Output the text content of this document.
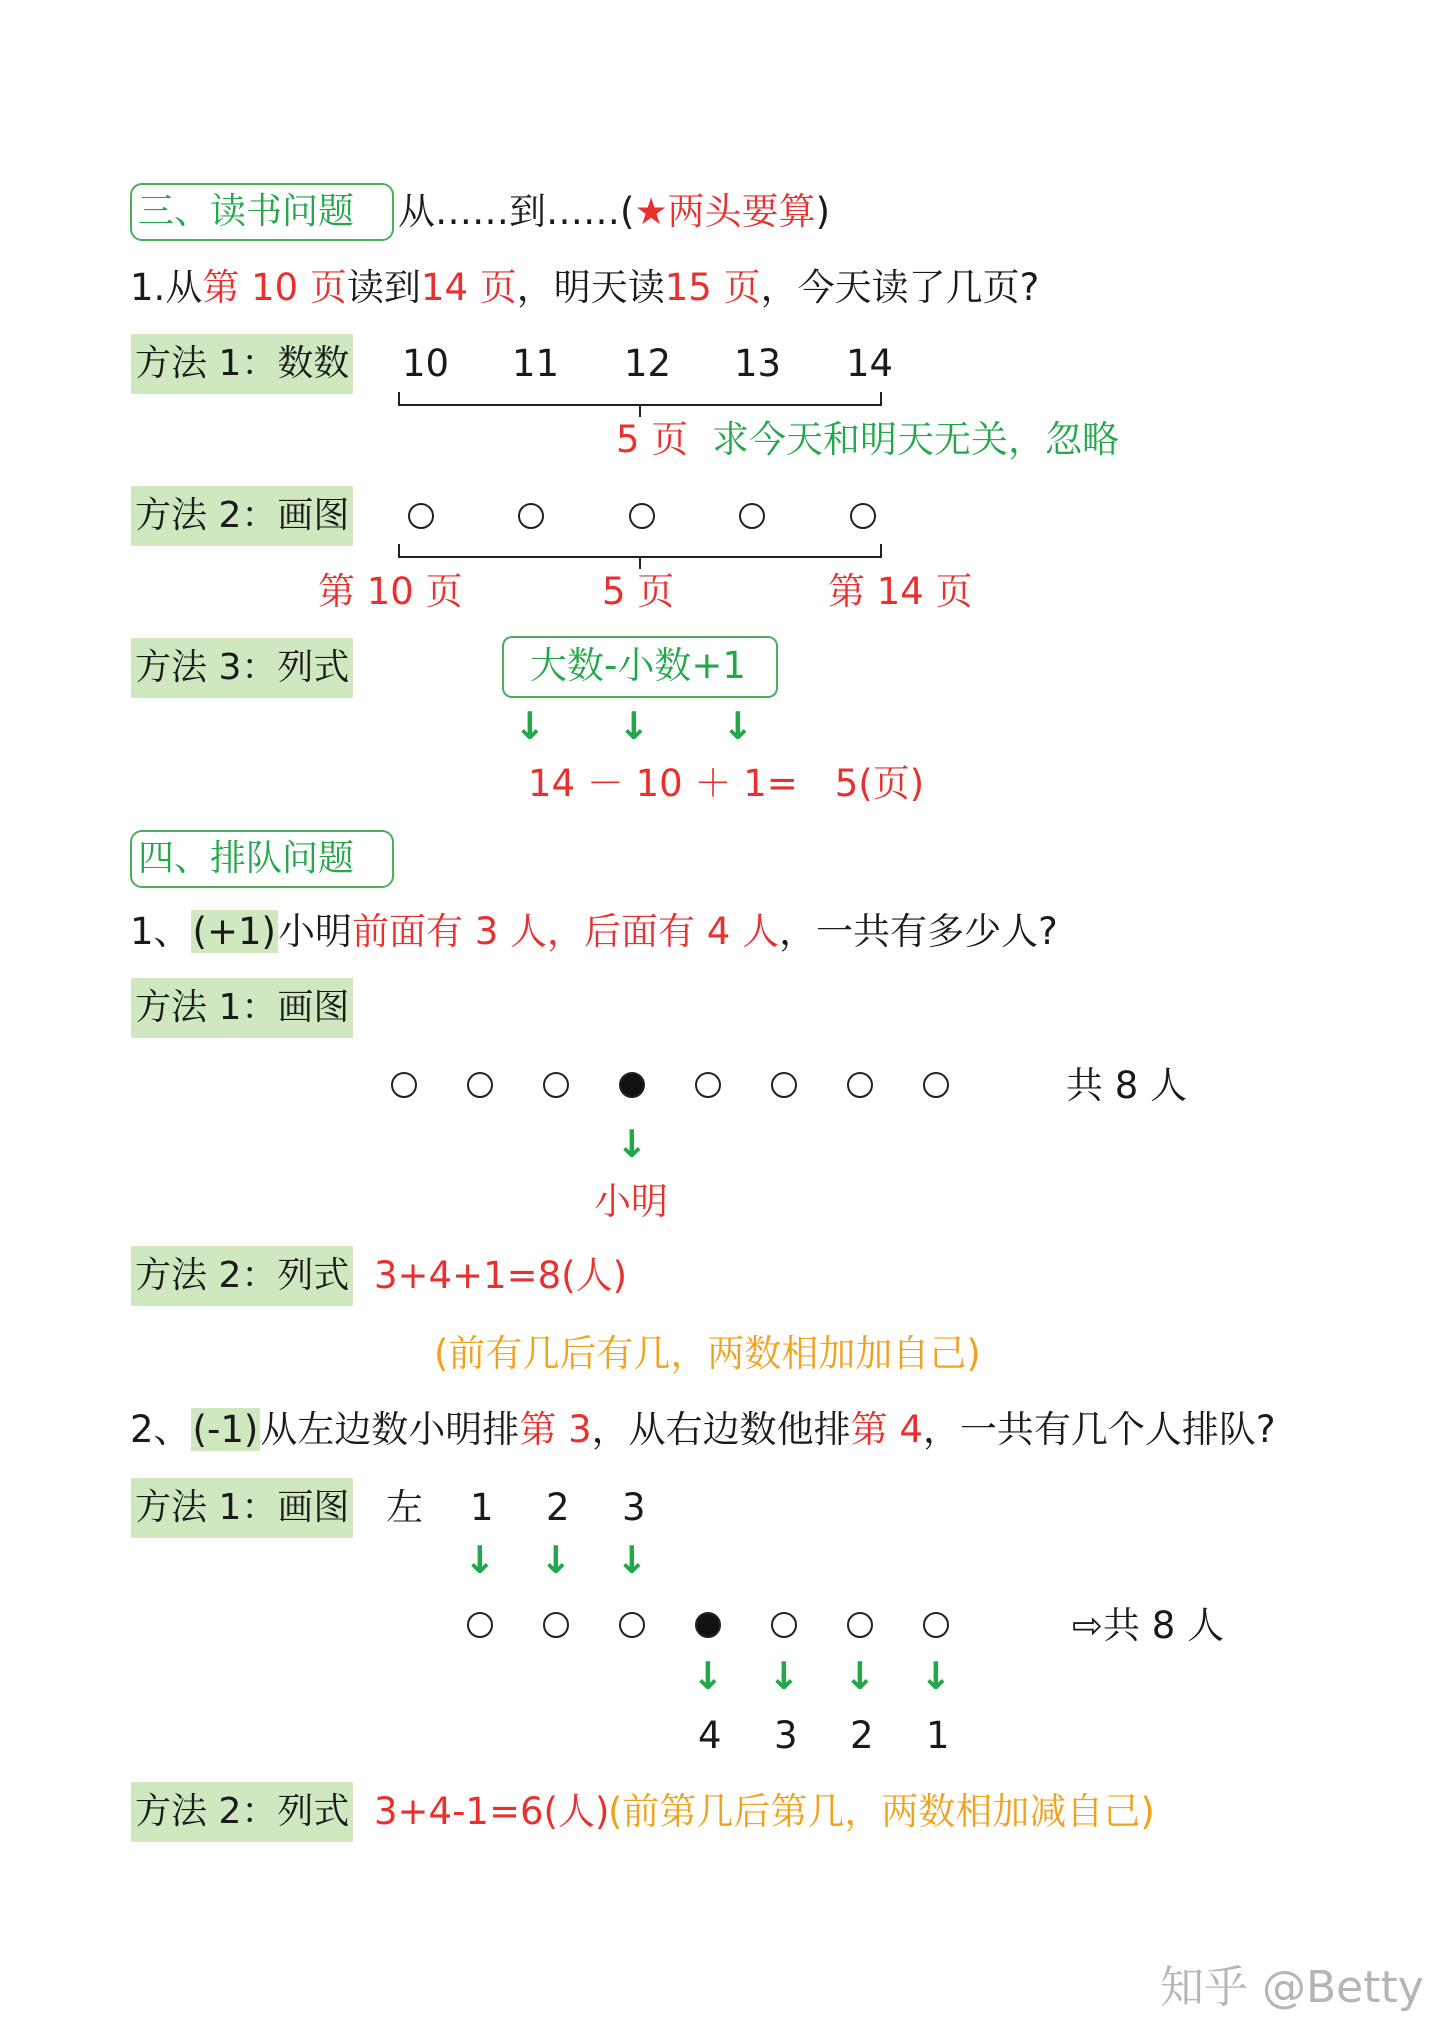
三、读书问题 从……到……(★两头要算)
1.从第 10 页读到14 页，明天读15 页，今天读了几页?
方法 1：数数 10 11 12 13 14
5 页 求今天和明天无关，忽略
方法 2：画图
第 10 页	5 页	第 14 页
方法 3：列式	大数-小数+1
↓ ↓ ↓
14 － 10 ＋ 1=　5(页)
四、排队问题
1、(+1)小明前面有 3 人，后面有 4 人，一共有多少人?
方法 1：画图
共 8 人
↓
小明
方法 2：列式 3+4+1=8(人)
(前有几后有几，两数相加加自己)
2、(-1)从左边数小明排第 3，从右边数他排第 4，一共有几个人排队?
方法 1：画图 左 1 2 3
↓ ↓ ↓
⇨共 8 人
↓ ↓ ↓ ↓
4 3 2 1
方法 2：列式 3+4-1=6(人)
(前第几后第几，两数相加减自己)
知乎 @Betty
